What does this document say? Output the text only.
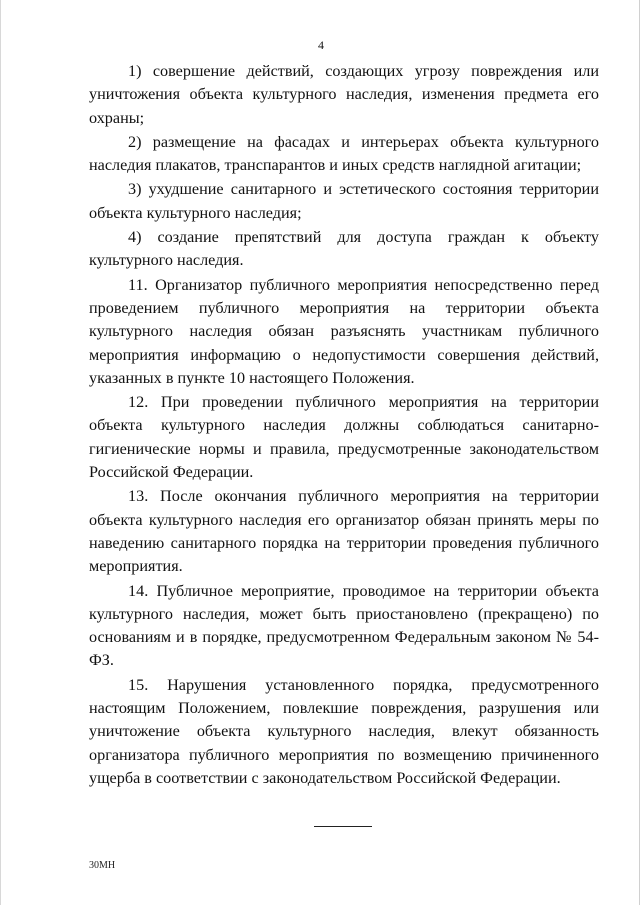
4

1) совершение действий, создающих угрозу повреждения или уничтожения объекта культурного наследия, изменения предмета его охраны;

2) размещение на фасадах и интерьерах объекта культурного наследия плакатов, транспарантов и иных средств наглядной агитации;

3) ухудшение санитарного и эстетического состояния территории объекта культурного наследия;

4) создание препятствий для доступа граждан к объекту культурного наследия.

11. Организатор публичного мероприятия непосредственно перед проведением публичного мероприятия на территории объекта культурного наследия обязан разъяснять участникам публичного мероприятия информацию о недопустимости совершения действий, указанных в пункте 10 настоящего Положения.

12. При проведении публичного мероприятия на территории объекта культурного наследия должны соблюдаться санитарно-гигиенические нормы и правила, предусмотренные законодательством Российской Федерации.

13. После окончания публичного мероприятия на территории объекта культурного наследия его организатор обязан принять меры по наведению санитарного порядка на территории проведения публичного мероприятия.

14. Публичное мероприятие, проводимое на территории объекта культурного наследия, может быть приостановлено (прекращено) по основаниям и в порядке, предусмотренном Федеральным законом № 54-ФЗ.

15. Нарушения установленного порядка, предусмотренного настоящим Положением, повлекшие повреждения, разрушения или уничтожение объекта культурного наследия, влекут обязанность организатора публичного мероприятия по возмещению причиненного ущерба в соответствии с законодательством Российской Федерации.

30МН
